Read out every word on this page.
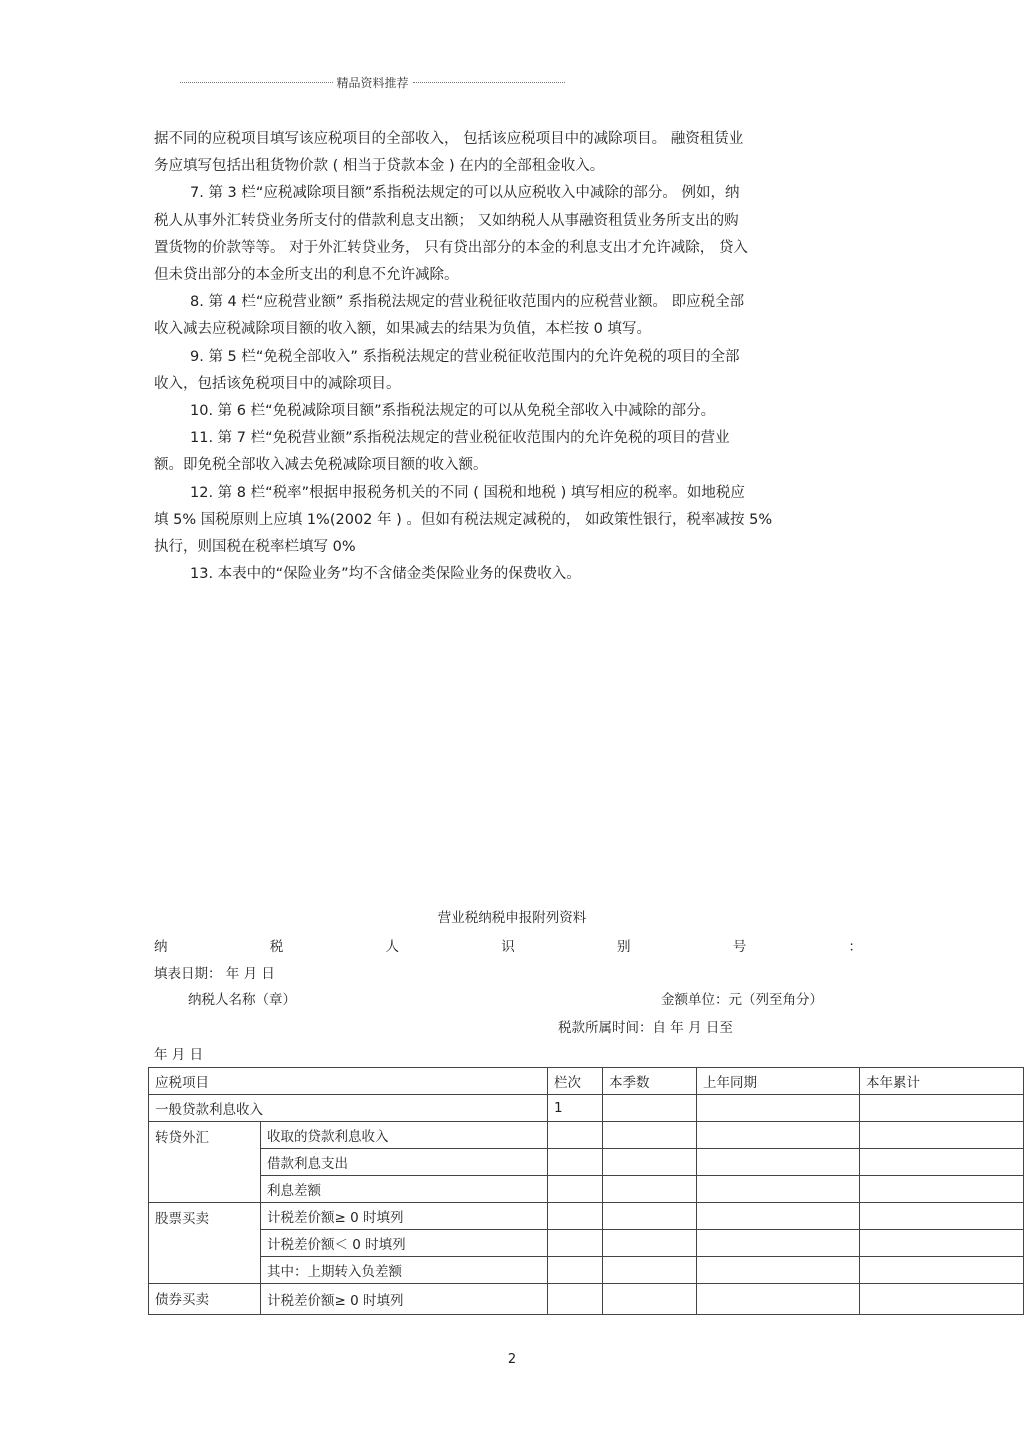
精品资料推荐

据不同的应税项目填写该应税项目的全部收入， 包括该应税项目中的减除项目。 融资租赁业

务应填写包括出租货物价款 ( 相当于贷款本金 ) 在内的全部租金收入。

7. 第 3 栏“应税减除项目额”系指税法规定的可以从应税收入中减除的部分。 例如，纳

税人从事外汇转贷业务所支付的借款利息支出额； 又如纳税人从事融资租赁业务所支出的购

置货物的价款等等。 对于外汇转贷业务， 只有贷出部分的本金的利息支出才允许减除， 贷入

但未贷出部分的本金所支出的利息不允许减除。

8. 第 4 栏“应税营业额” 系指税法规定的营业税征收范围内的应税营业额。 即应税全部

收入减去应税减除项目额的收入额，如果减去的结果为负值，本栏按 0 填写。

9. 第 5 栏“免税全部收入” 系指税法规定的营业税征收范围内的允许免税的项目的全部

收入，包括该免税项目中的减除项目。

10. 第 6 栏“免税减除项目额”系指税法规定的可以从免税全部收入中减除的部分。

11. 第 7 栏“免税营业额”系指税法规定的营业税征收范围内的允许免税的项目的营业

额。即免税全部收入减去免税减除项目额的收入额。

12. 第 8 栏“税率”根据申报税务机关的不同 ( 国税和地税 ) 填写相应的税率。如地税应

填 5% 国税原则上应填 1%(2002 年 ) 。但如有税法规定减税的， 如政策性银行，税率减按 5%

执行，则国税在税率栏填写 0%

13. 本表中的“保险业务”均不含储金类保险业务的保费收入。

营业税纳税申报附列资料
纳	税	人	识	别	号	：
填表日期： 年 月 日
纳税人名称（章）	金额单位：元（列至角分）
税款所属时间：自 年 月 日至
年 月 日
应税项目		栏次	本季数	上年同期	本年累计
一般贷款利息收入		1			
转贷外汇	收取的贷款利息收入				
	借款利息支出				
	利息差额				
股票买卖	计税差价额≥ 0 时填列				
	计税差价额＜ 0 时填列				
	其中：上期转入负差额				
债券买卖	计税差价额≥ 0 时填列				
2
